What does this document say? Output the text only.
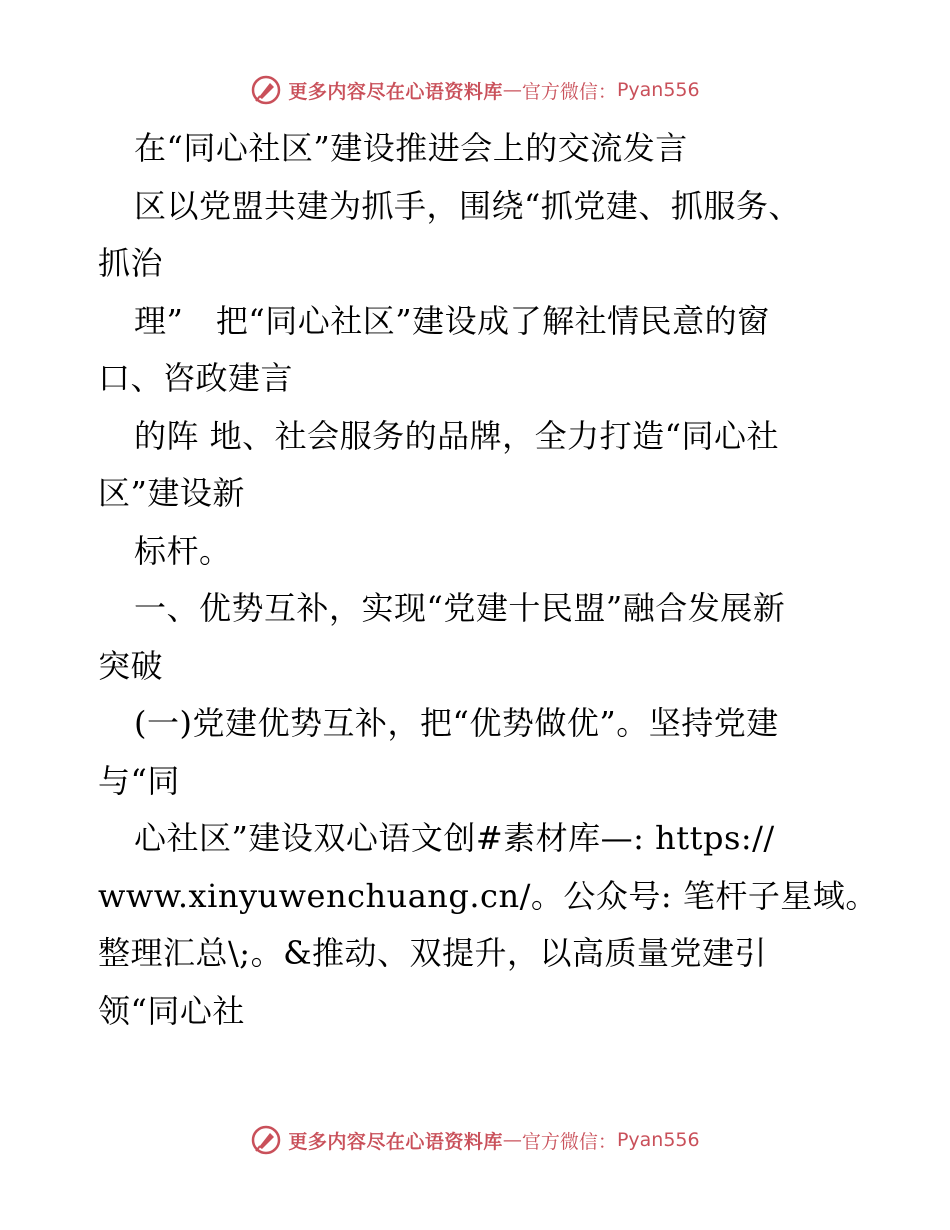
更多内容尽在心语资料库 — 官方微信： Pyan556
在“同心社区”建设推进会上的交流发言
区以党盟共建为抓手，围绕“抓党建、抓服务、
抓治
理”　把“同心社区”建设成了解社情民意的窗
口、咨政建言
的阵 地、社会服务的品牌，全力打造“同心社
区”建设新
标杆。
一、优势互补，实现“党建十民盟”融合发展新
突破
(一)党建优势互补，把“优势做优”。坚持党建
与“同
心社区”建设双心语文创#素材库—: https://
www.xinyuwenchuang.cn/。公众号: 笔杆子星域。
整理汇总\;。&推动、双提升，以高质量党建引
领“同心社
更多内容尽在心语资料库 — 官方微信： Pyan556
